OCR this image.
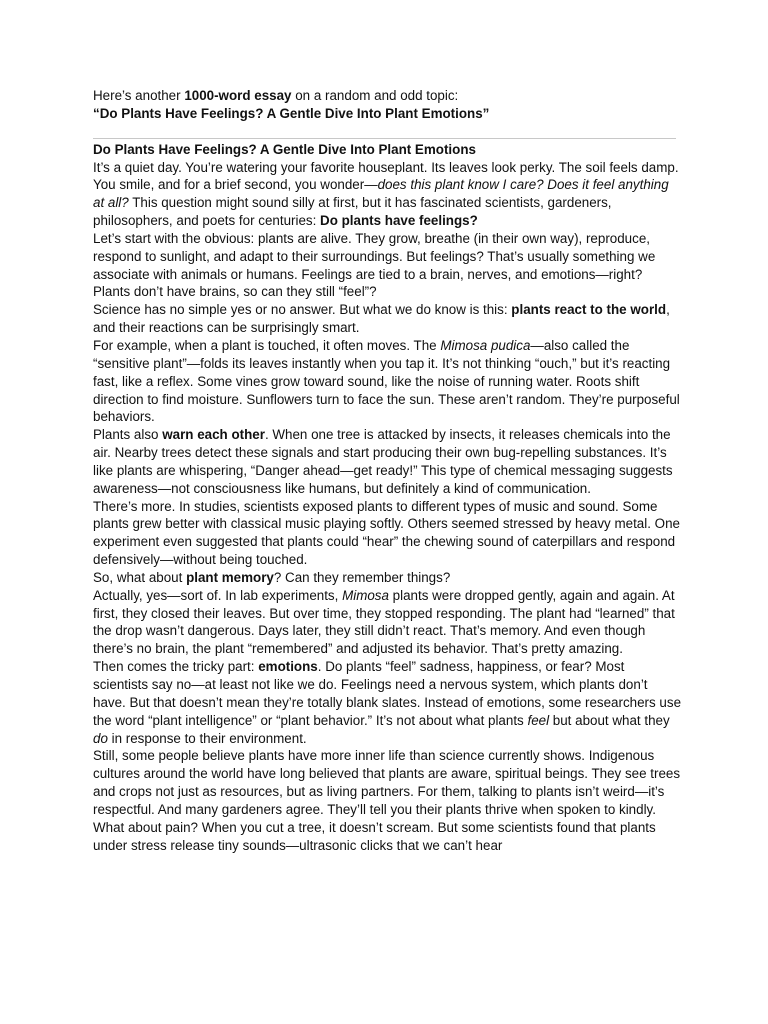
Here’s another 1000-word essay on a random and odd topic:

“Do Plants Have Feelings? A Gentle Dive Into Plant Emotions”

Do Plants Have Feelings? A Gentle Dive Into Plant Emotions

It’s a quiet day. You’re watering your favorite houseplant. Its leaves look perky. The soil feels damp. You smile, and for a brief second, you wonder—does this plant know I care? Does it feel anything at all? This question might sound silly at first, but it has fascinated scientists, gardeners, philosophers, and poets for centuries: Do plants have feelings?

Let’s start with the obvious: plants are alive. They grow, breathe (in their own way), reproduce, respond to sunlight, and adapt to their surroundings. But feelings? That’s usually something we associate with animals or humans. Feelings are tied to a brain, nerves, and emotions—right? Plants don’t have brains, so can they still “feel”?

Science has no simple yes or no answer. But what we do know is this: plants react to the world, and their reactions can be surprisingly smart.

For example, when a plant is touched, it often moves. The Mimosa pudica—also called the “sensitive plant”—folds its leaves instantly when you tap it. It’s not thinking “ouch,” but it’s reacting fast, like a reflex. Some vines grow toward sound, like the noise of running water. Roots shift direction to find moisture. Sunflowers turn to face the sun. These aren’t random. They’re purposeful behaviors.

Plants also warn each other. When one tree is attacked by insects, it releases chemicals into the air. Nearby trees detect these signals and start producing their own bug-repelling substances. It’s like plants are whispering, “Danger ahead—get ready!” This type of chemical messaging suggests awareness—not consciousness like humans, but definitely a kind of communication.

There’s more. In studies, scientists exposed plants to different types of music and sound. Some plants grew better with classical music playing softly. Others seemed stressed by heavy metal. One experiment even suggested that plants could “hear” the chewing sound of caterpillars and respond defensively—without being touched.

So, what about plant memory? Can they remember things?

Actually, yes—sort of. In lab experiments, Mimosa plants were dropped gently, again and again. At first, they closed their leaves. But over time, they stopped responding. The plant had “learned” that the drop wasn’t dangerous. Days later, they still didn’t react. That’s memory. And even though there’s no brain, the plant “remembered” and adjusted its behavior. That’s pretty amazing.

Then comes the tricky part: emotions. Do plants “feel” sadness, happiness, or fear? Most scientists say no—at least not like we do. Feelings need a nervous system, which plants don’t have. But that doesn’t mean they’re totally blank slates. Instead of emotions, some researchers use the word “plant intelligence” or “plant behavior.” It’s not about what plants feel but about what they do in response to their environment.

Still, some people believe plants have more inner life than science currently shows. Indigenous cultures around the world have long believed that plants are aware, spiritual beings. They see trees and crops not just as resources, but as living partners. For them, talking to plants isn’t weird—it’s respectful. And many gardeners agree. They’ll tell you their plants thrive when spoken to kindly.

What about pain? When you cut a tree, it doesn’t scream. But some scientists found that plants under stress release tiny sounds—ultrasonic clicks that we can’t hear
